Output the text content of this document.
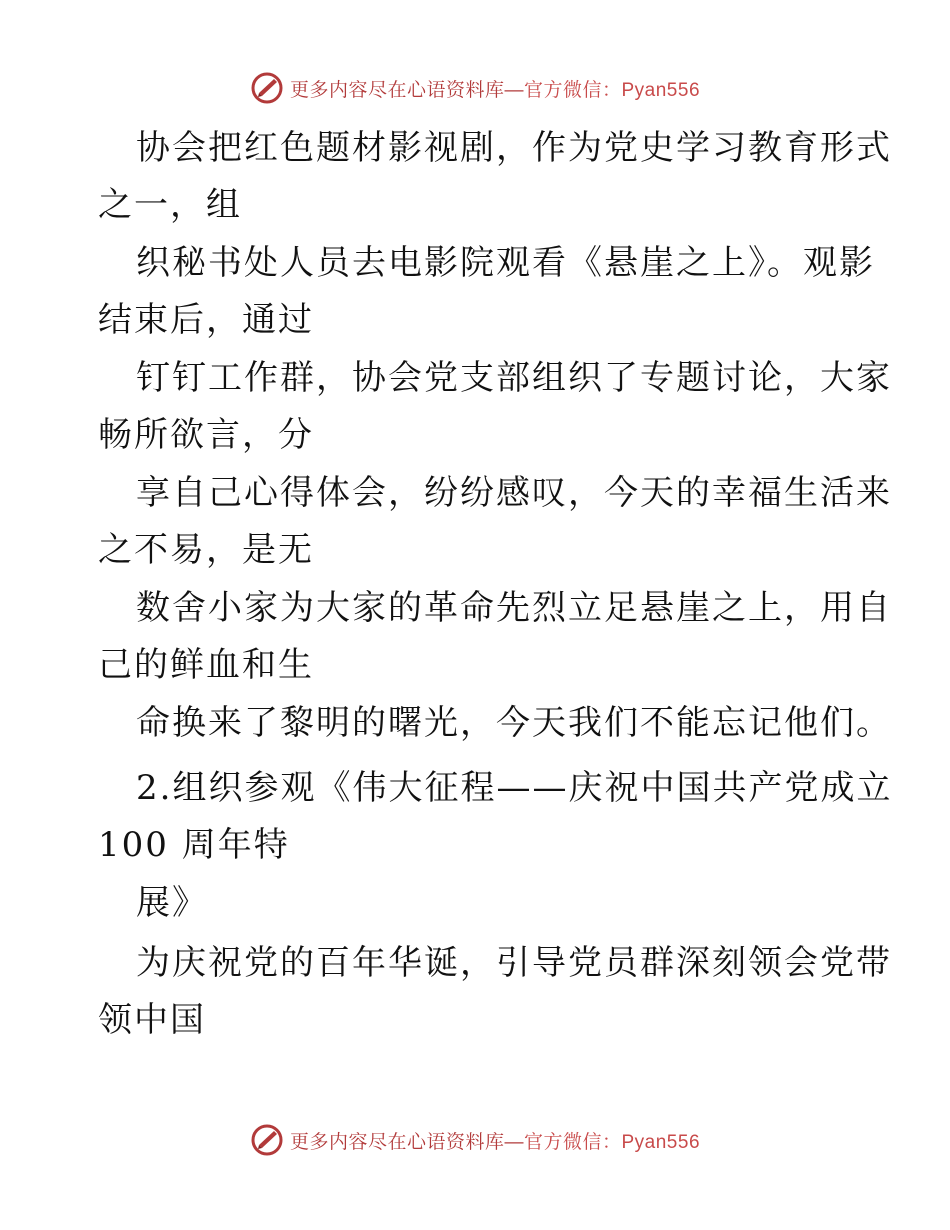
更多内容尽在心语资料库—官方微信：Pyan556
协会把红色题材影视剧，作为党史学习教育形式
之一，组
织秘书处人员去电影院观看《悬崖之上》。观影
结束后，通过
钉钉工作群，协会党支部组织了专题讨论，大家
畅所欲言，分
享自己心得体会，纷纷感叹，今天的幸福生活来
之不易，是无
数舍小家为大家的革命先烈立足悬崖之上，用自
己的鲜血和生
命换来了黎明的曙光，今天我们不能忘记他们。
2.组织参观《伟大征程——庆祝中国共产党成立
100 周年特
展》
为庆祝党的百年华诞，引导党员群深刻领会党带
领中国
更多内容尽在心语资料库—官方微信：Pyan556
